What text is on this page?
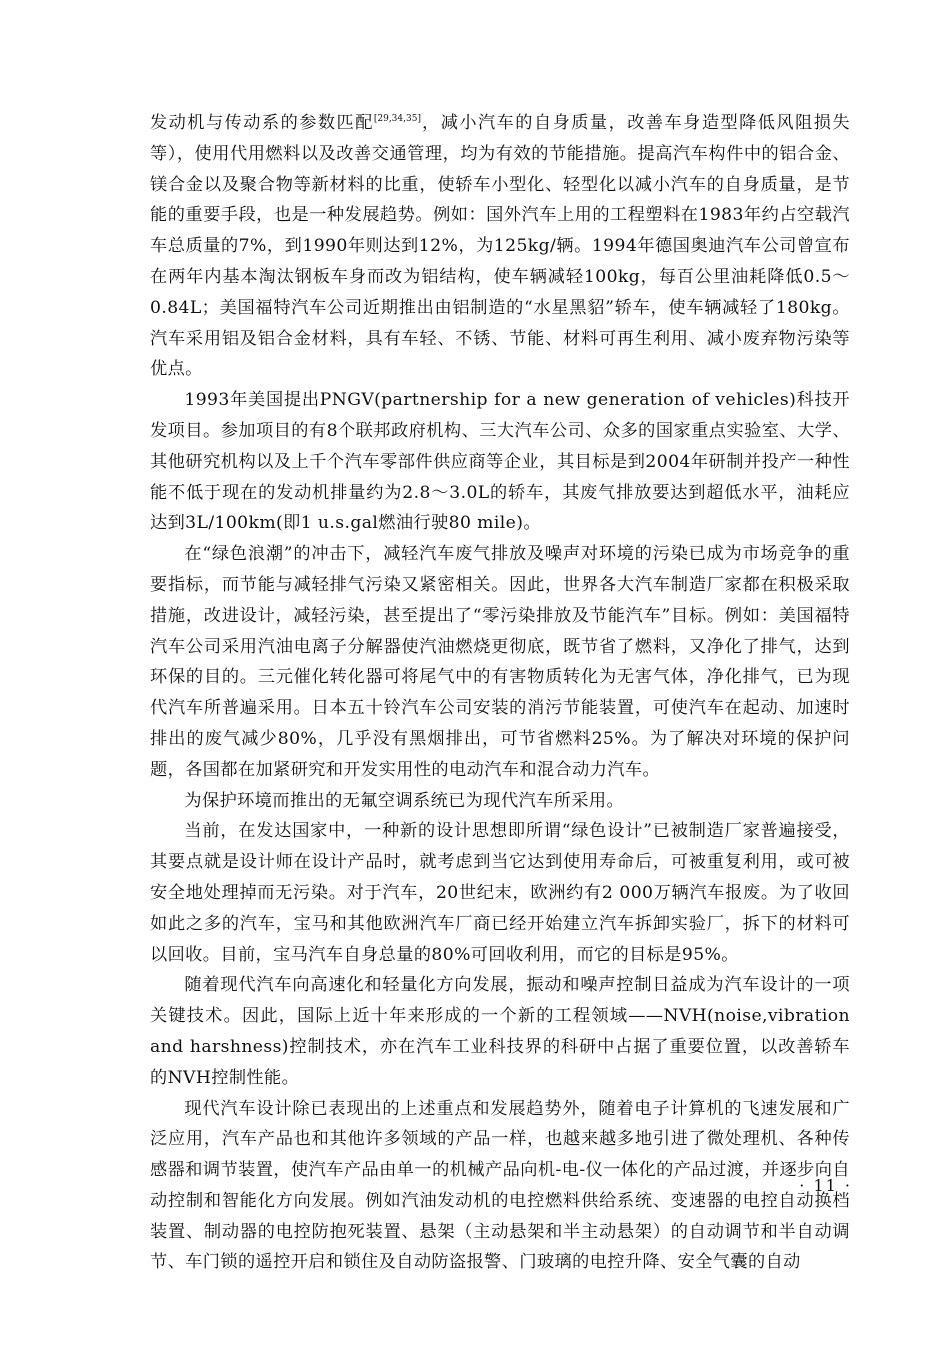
发动机与传动系的参数匹配[29,34,35]，减小汽车的自身质量，改善车身造型降低风阻损失等），使用代用燃料以及改善交通管理，均为有效的节能措施。提高汽车构件中的铝合金、镁合金以及聚合物等新材料的比重，使轿车小型化、轻型化以减小汽车的自身质量，是节能的重要手段，也是一种发展趋势。例如：国外汽车上用的工程塑料在1983年约占空载汽车总质量的7%，到1990年则达到12%，为125kg/辆。1994年德国奥迪汽车公司曾宣布在两年内基本淘汰钢板车身而改为铝结构，使车辆减轻100kg，每百公里油耗降低0.5～0.84L；美国福特汽车公司近期推出由铝制造的“水星黑貂”轿车，使车辆减轻了180kg。汽车采用铝及铝合金材料，具有车轻、不锈、节能、材料可再生利用、减小废弃物污染等优点。

1993年美国提出PNGV(partnership for a new generation of vehicles)科技开发项目。参加项目的有8个联邦政府机构、三大汽车公司、众多的国家重点实验室、大学、其他研究机构以及上千个汽车零部件供应商等企业，其目标是到2004年研制并投产一种性能不低于现在的发动机排量约为2.8～3.0L的轿车，其废气排放要达到超低水平，油耗应达到3L/100km(即1 u.s.gal燃油行驶80 mile)。

在“绿色浪潮”的冲击下，减轻汽车废气排放及噪声对环境的污染已成为市场竞争的重要指标，而节能与减轻排气污染又紧密相关。因此，世界各大汽车制造厂家都在积极采取措施，改进设计，减轻污染，甚至提出了“零污染排放及节能汽车”目标。例如：美国福特汽车公司采用汽油电离子分解器使汽油燃烧更彻底，既节省了燃料，又净化了排气，达到环保的目的。三元催化转化器可将尾气中的有害物质转化为无害气体，净化排气，已为现代汽车所普遍采用。日本五十铃汽车公司安装的消污节能装置，可使汽车在起动、加速时排出的废气减少80%，几乎没有黑烟排出，可节省燃料25%。为了解决对环境的保护问题，各国都在加紧研究和开发实用性的电动汽车和混合动力汽车。

为保护环境而推出的无氟空调系统已为现代汽车所采用。

当前，在发达国家中，一种新的设计思想即所谓“绿色设计”已被制造厂家普遍接受，其要点就是设计师在设计产品时，就考虑到当它达到使用寿命后，可被重复利用，或可被安全地处理掉而无污染。对于汽车，20世纪末，欧洲约有2 000万辆汽车报废。为了收回如此之多的汽车，宝马和其他欧洲汽车厂商已经开始建立汽车拆卸实验厂，拆下的材料可以回收。目前，宝马汽车自身总量的80%可回收利用，而它的目标是95%。

随着现代汽车向高速化和轻量化方向发展，振动和噪声控制日益成为汽车设计的一项关键技术。因此，国际上近十年来形成的一个新的工程领域——NVH(noise,vibration and harshness)控制技术，亦在汽车工业科技界的科研中占据了重要位置，以改善轿车的NVH控制性能。

现代汽车设计除已表现出的上述重点和发展趋势外，随着电子计算机的飞速发展和广泛应用，汽车产品也和其他许多领域的产品一样，也越来越多地引进了微处理机、各种传感器和调节装置，使汽车产品由单一的机械产品向机-电-仪一体化的产品过渡，并逐步向自动控制和智能化方向发展。例如汽油发动机的电控燃料供给系统、变速器的电控自动换档装置、制动器的电控防抱死装置、悬架（主动悬架和半主动悬架）的自动调节和半自动调节、车门锁的遥控开启和锁住及自动防盗报警、门玻璃的电控升降、安全气囊的自动

· 11 ·
